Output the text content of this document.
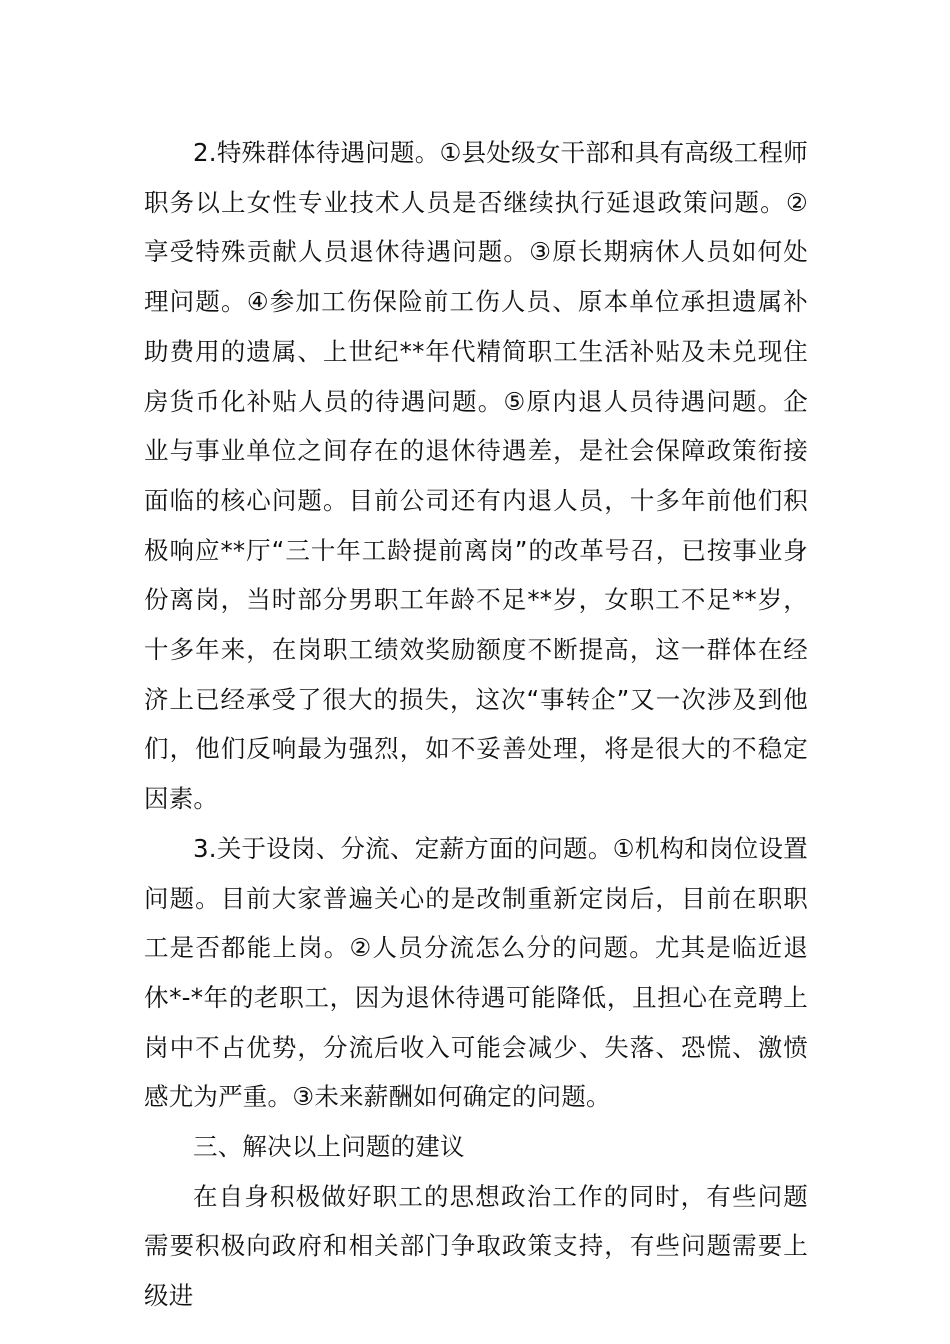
2.特殊群体待遇问题。①县处级女干部和具有高级工程师职务以上女性专业技术人员是否继续执行延退政策问题。②享受特殊贡献人员退休待遇问题。③原长期病休人员如何处理问题。④参加工伤保险前工伤人员、原本单位承担遗属补助费用的遗属、上世纪**年代精简职工生活补贴及未兑现住房货币化补贴人员的待遇问题。⑤原内退人员待遇问题。企业与事业单位之间存在的退休待遇差，是社会保障政策衔接面临的核心问题。目前公司还有内退人员，十多年前他们积极响应**厅“三十年工龄提前离岗”的改革号召，已按事业身份离岗，当时部分男职工年龄不足**岁，女职工不足**岁，十多年来，在岗职工绩效奖励额度不断提高，这一群体在经济上已经承受了很大的损失，这次“事转企”又一次涉及到他们，他们反响最为强烈，如不妥善处理，将是很大的不稳定因素。

3.关于设岗、分流、定薪方面的问题。①机构和岗位设置问题。目前大家普遍关心的是改制重新定岗后，目前在职职工是否都能上岗。②人员分流怎么分的问题。尤其是临近退休*-*年的老职工，因为退休待遇可能降低，且担心在竞聘上岗中不占优势，分流后收入可能会减少、失落、恐慌、激愤感尤为严重。③未来薪酬如何确定的问题。

三、解决以上问题的建议

在自身积极做好职工的思想政治工作的同时，有些问题需要积极向政府和相关部门争取政策支持，有些问题需要上级进
